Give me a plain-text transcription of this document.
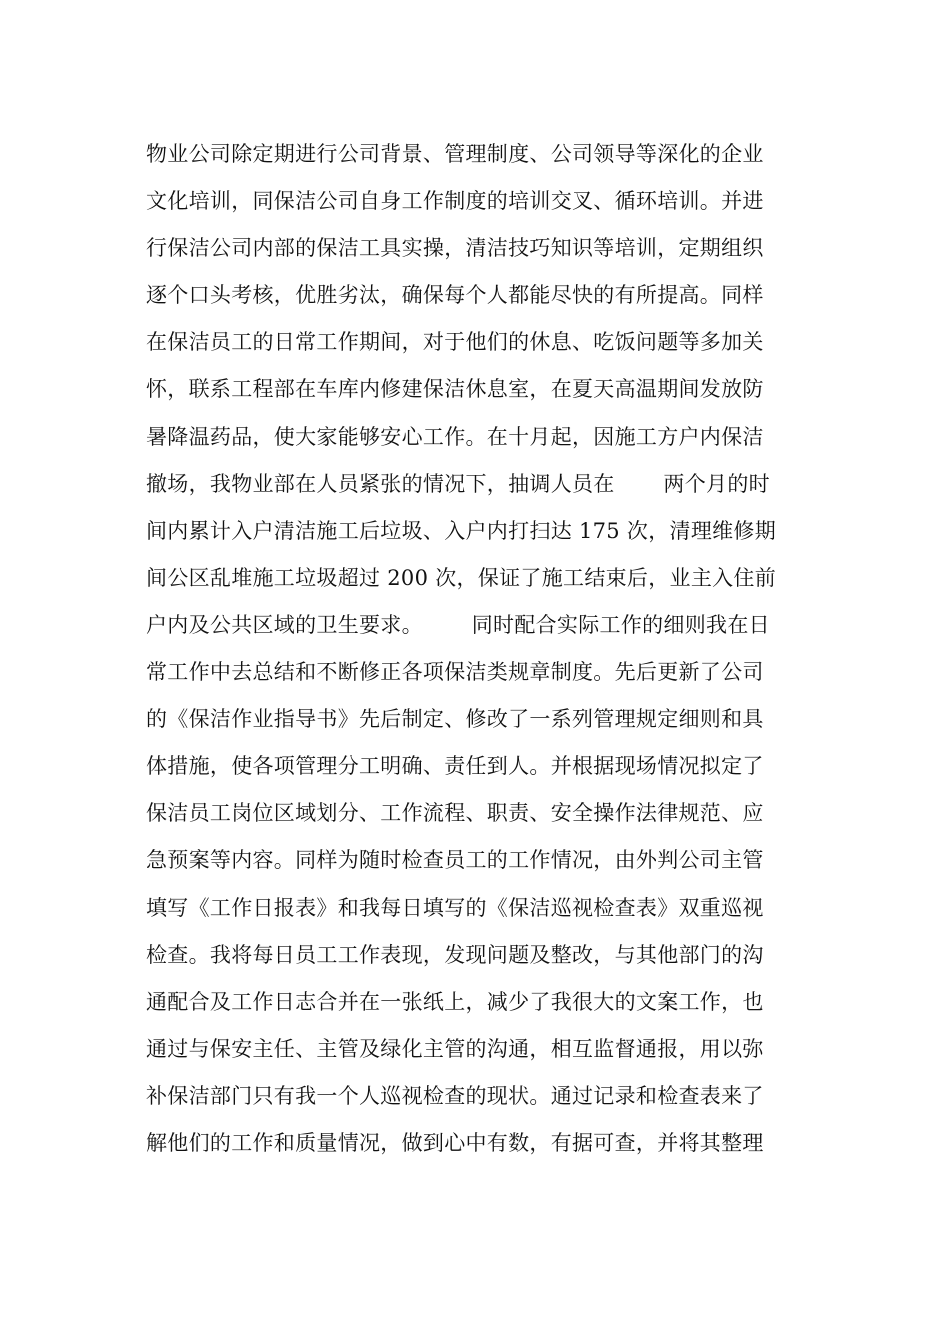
物业公司除定期进行公司背景、管理制度、公司领导等深化的企业
文化培训，同保洁公司自身工作制度的培训交叉、循环培训。并进
行保洁公司内部的保洁工具实操，清洁技巧知识等培训，定期组织
逐个口头考核，优胜劣汰，确保每个人都能尽快的有所提高。同样
在保洁员工的日常工作期间，对于他们的休息、吃饭问题等多加关
怀，联系工程部在车库内修建保洁休息室，在夏天高温期间发放防
暑降温药品，使大家能够安心工作。在十月起，因施工方户内保洁
撤场，我物业部在人员紧张的情况下，抽调人员在       两个月的时
间内累计入户清洁施工后垃圾、入户内打扫达 175 次，清理维修期
间公区乱堆施工垃圾超过 200 次，保证了施工结束后，业主入住前
户内及公共区域的卫生要求。       同时配合实际工作的细则我在日
常工作中去总结和不断修正各项保洁类规章制度。先后更新了公司
的《保洁作业指导书》先后制定、修改了一系列管理规定细则和具
体措施，使各项管理分工明确、责任到人。并根据现场情况拟定了
保洁员工岗位区域划分、工作流程、职责、安全操作法律规范、应
急预案等内容。同样为随时检查员工的工作情况，由外判公司主管
填写《工作日报表》和我每日填写的《保洁巡视检查表》双重巡视
检查。我将每日员工工作表现，发现问题及整改，与其他部门的沟
通配合及工作日志合并在一张纸上，减少了我很大的文案工作，也
通过与保安主任、主管及绿化主管的沟通，相互监督通报，用以弥
补保洁部门只有我一个人巡视检查的现状。通过记录和检查表来了
解他们的工作和质量情况，做到心中有数，有据可查，并将其整理
